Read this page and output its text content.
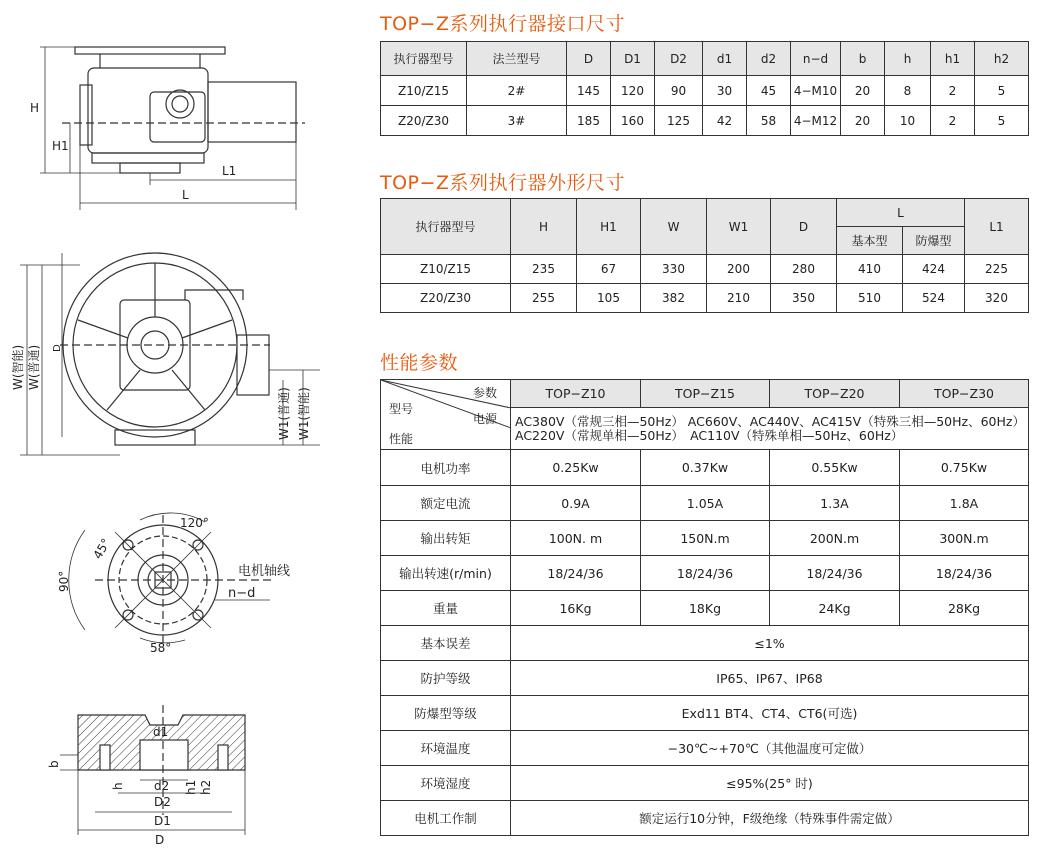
H
H1
L1
L
W(智能) W(普通) D
W1(普通) W1(智能)
120°
45°
90°
58°
电机轴线
n−d
d1
b
h d2
D2
h1 h2
D1
D
TOP−Z系列执行器接口尺寸
执行器型号	法兰型号	D	D1	D2	d1	d2	n−d	b	h	h1	h2
Z10/Z15	2#	145	120	90	30	45	4−M10	20	8	2	5
Z20/Z30	3#	185	160	125	42	58	4−M12	20	10	2	5
TOP−Z系列执行器外形尺寸
执行器型号	H	H1	W	W1	D	L		L1
						基本型	防爆型	
Z10/Z15	235	67	330	200	280	410	424	225
Z20/Z30	255	105	382	210	350	510	524	320
性能参数
参数
型号
电源
性能	TOP−Z10	TOP−Z15	TOP−Z20	TOP−Z30

	AC380V（常规三相—50Hz） AC660V、AC440V、AC415V（特殊三相—50Hz、60Hz）
AC220V（常规单相—50Hz）　AC110V（特殊单相—50Hz、60Hz）			

电机功率	0.25Kw	0.37Kw	0.55Kw	0.75Kw
额定电流	0.9A	1.05A	1.3A	1.8A
输出转矩	100N. m	150N.m	200N.m	300N.m
输出转速(r/min)	18/24/36	18/24/36	18/24/36	18/24/36
重量	16Kg	18Kg	24Kg	28Kg
基本误差	≤1%			
防护等级	IP65、IP67、IP68			
防爆型等级	Exd11 BT4、CT4、CT6(可选)			
环境温度	−30℃~+70℃（其他温度可定做）			
环境湿度	≤95%(25° 时)			
电机工作制	额定运行10分钟，F级绝缘（特殊事件需定做）			
